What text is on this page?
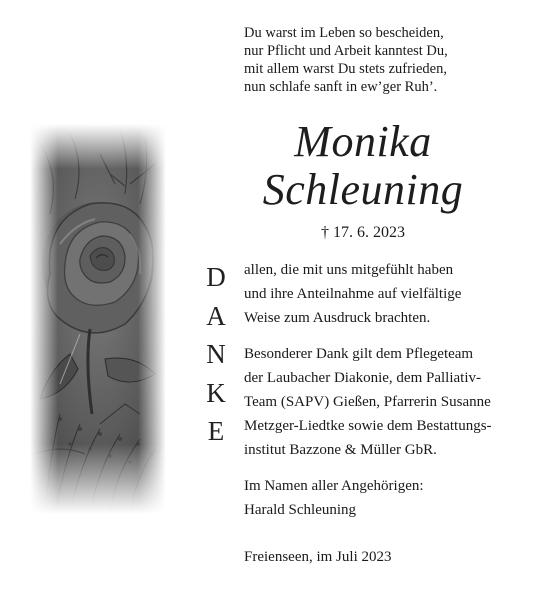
Du warst im Leben so bescheiden,
nur Pflicht und Arbeit kanntest Du,
mit allem warst Du stets zufrieden,
nun schlafe sanft in ew’ger Ruh’.
Monika
Schleuning
† 17. 6. 2023
D
A
N
K
E
allen, die mit uns mitgefühlt haben
und ihre Anteilnahme auf vielfältige
Weise zum Ausdruck brachten.
Besonderer Dank gilt dem Pflegeteam
der Laubacher Diakonie, dem Palliativ-
Team (SAPV) Gießen, Pfarrerin Susanne
Metzger-Liedtke sowie dem Bestattungs-
institut Bazzone & Müller GbR.
Im Namen aller Angehörigen:
Harald Schleuning
Freienseen, im Juli 2023
